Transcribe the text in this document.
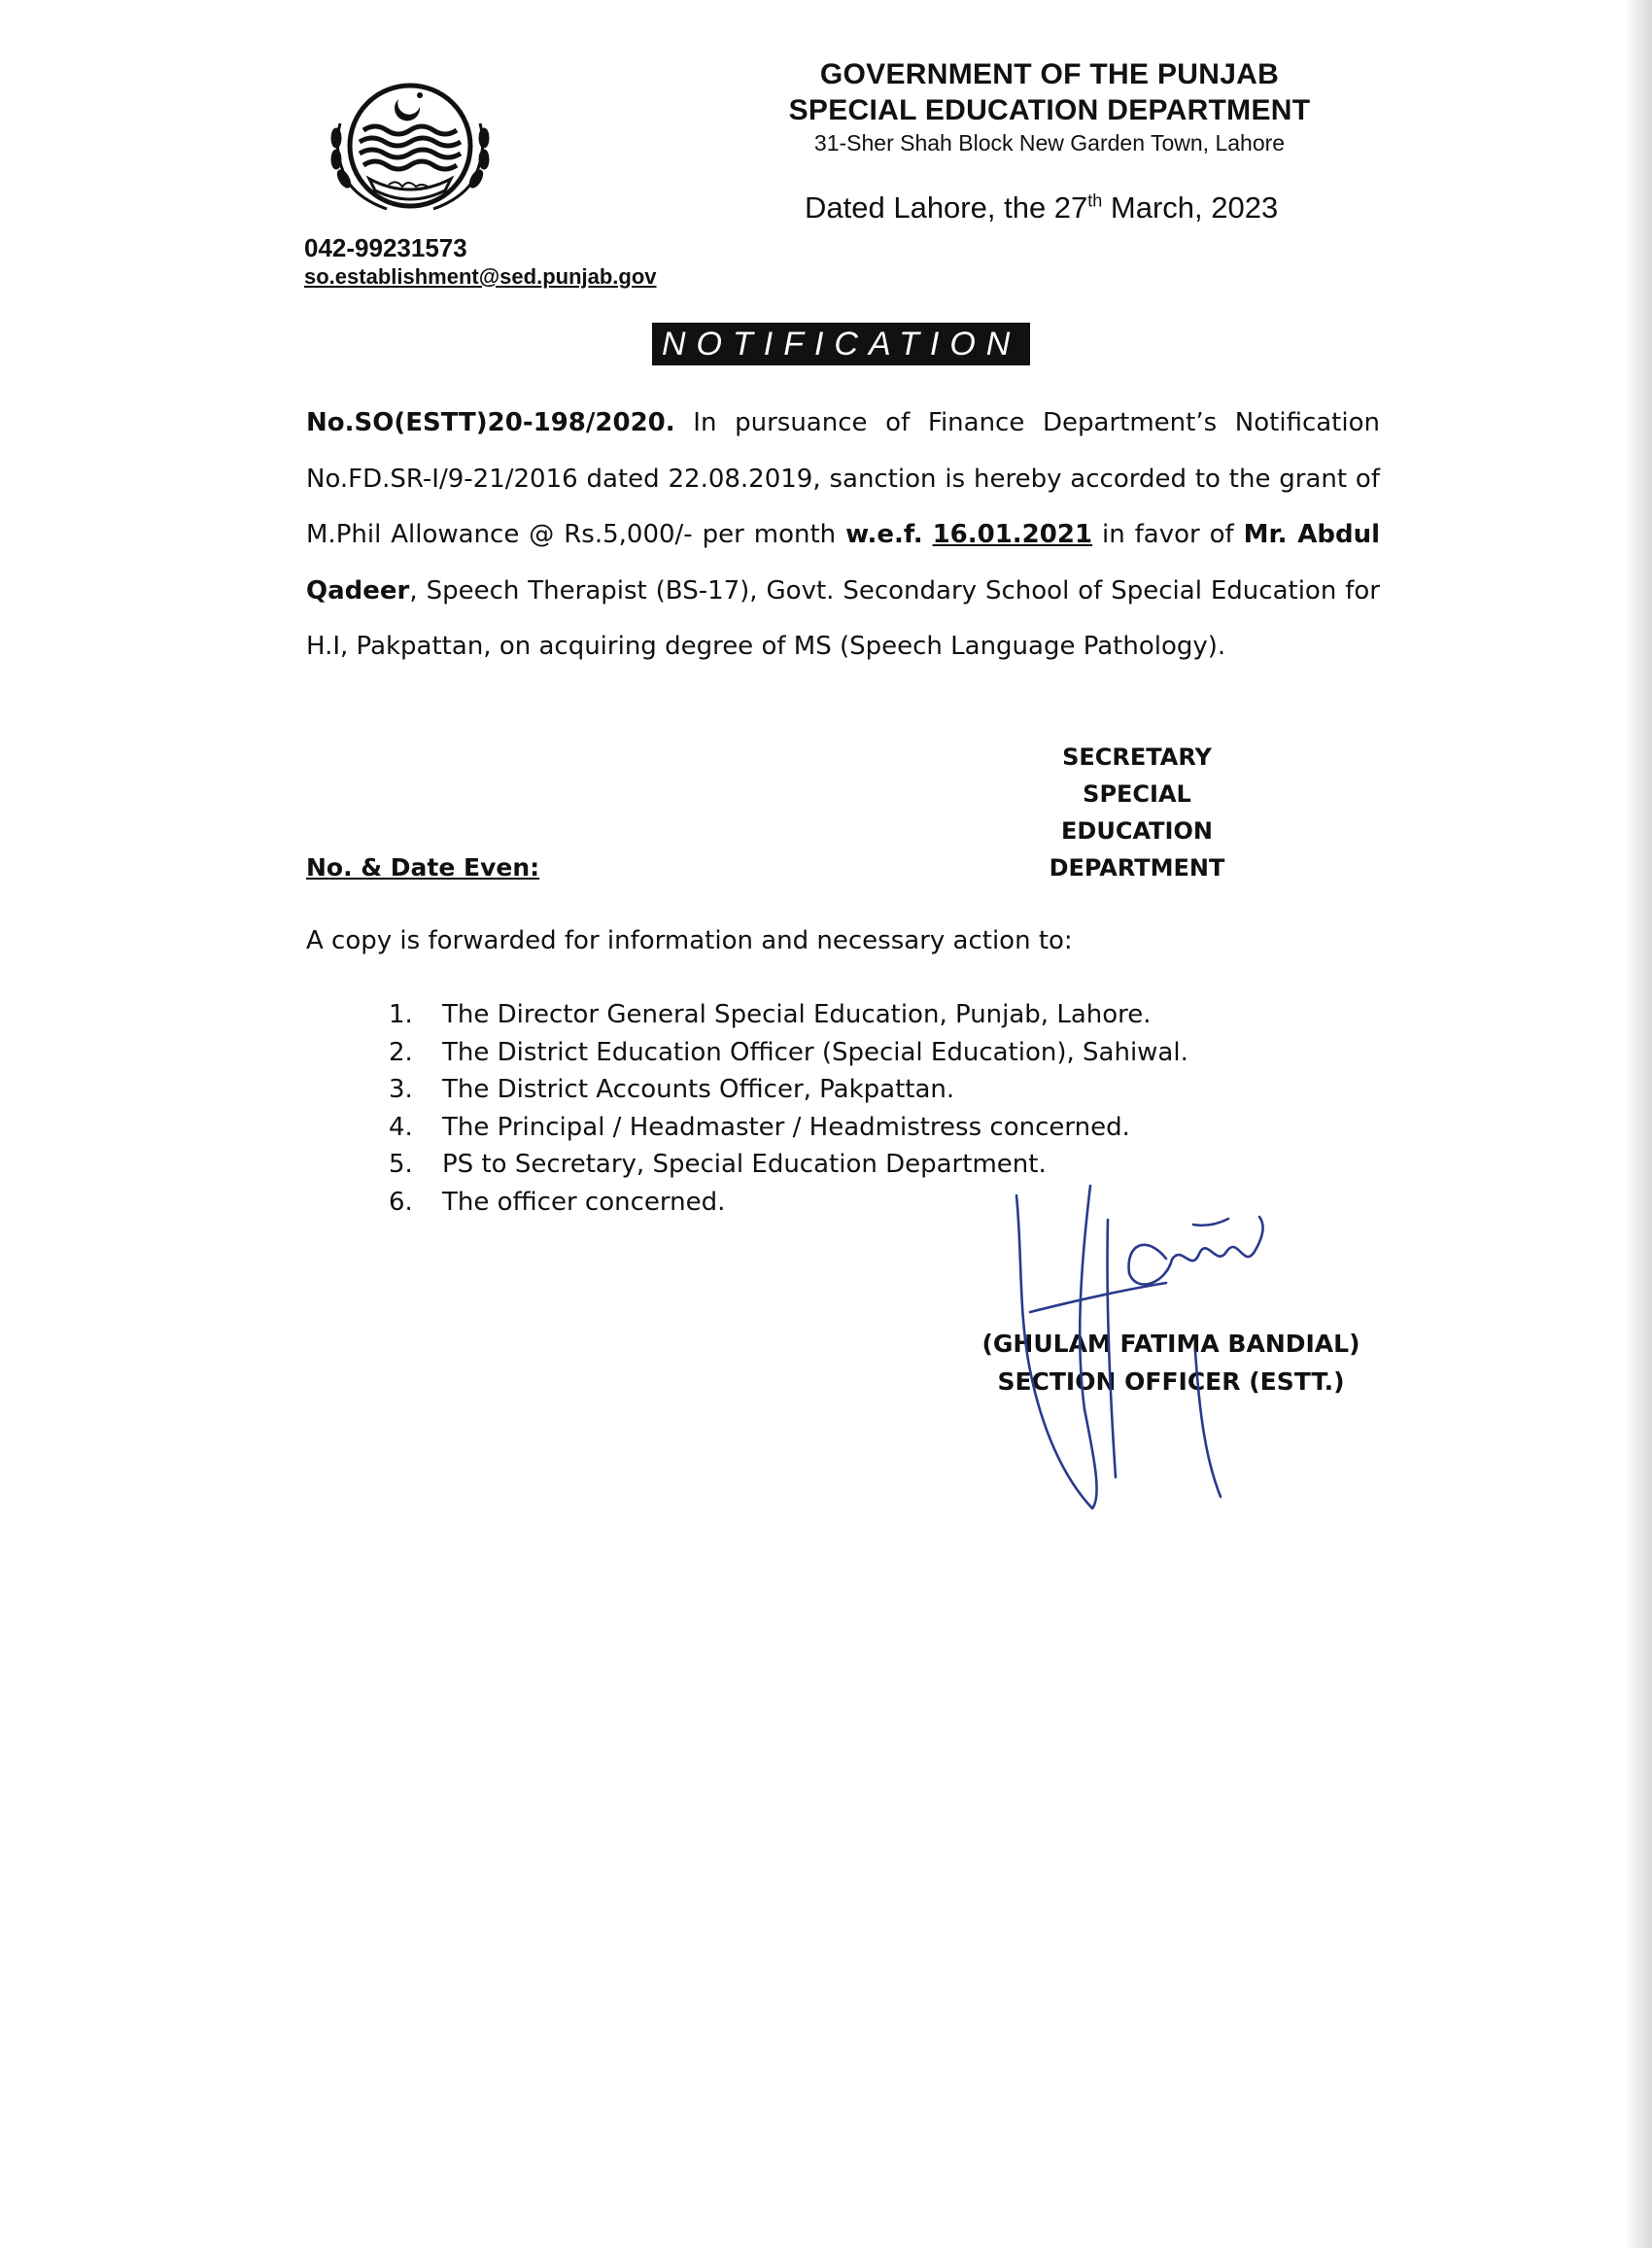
GOVERNMENT OF THE PUNJAB
SPECIAL EDUCATION DEPARTMENT
31-Sher Shah Block New Garden Town, Lahore
Dated Lahore, the 27th March, 2023
042-99231573
so.establishment@sed.punjab.gov
NOTIFICATION
No.SO(ESTT)20-198/2020. In pursuance of Finance Department’s Notification No.FD.SR-I/9-21/2016 dated 22.08.2019, sanction is hereby accorded to the grant of M.Phil Allowance @ Rs.5,000/- per month w.e.f. 16.01.2021 in favor of Mr. Abdul Qadeer, Speech Therapist (BS-17), Govt. Secondary School of Special Education for H.I, Pakpattan, on acquiring degree of MS (Speech Language Pathology).
SECRETARY
SPECIAL EDUCATION
DEPARTMENT
No. & Date Even:
A copy is forwarded for information and necessary action to:
1. The Director General Special Education, Punjab, Lahore.
2. The District Education Officer (Special Education), Sahiwal.
3. The District Accounts Officer, Pakpattan.
4. The Principal / Headmaster / Headmistress concerned.
5. PS to Secretary, Special Education Department.
6. The officer concerned.
(GHULAM FATIMA BANDIAL)
SECTION OFFICER (ESTT.)
